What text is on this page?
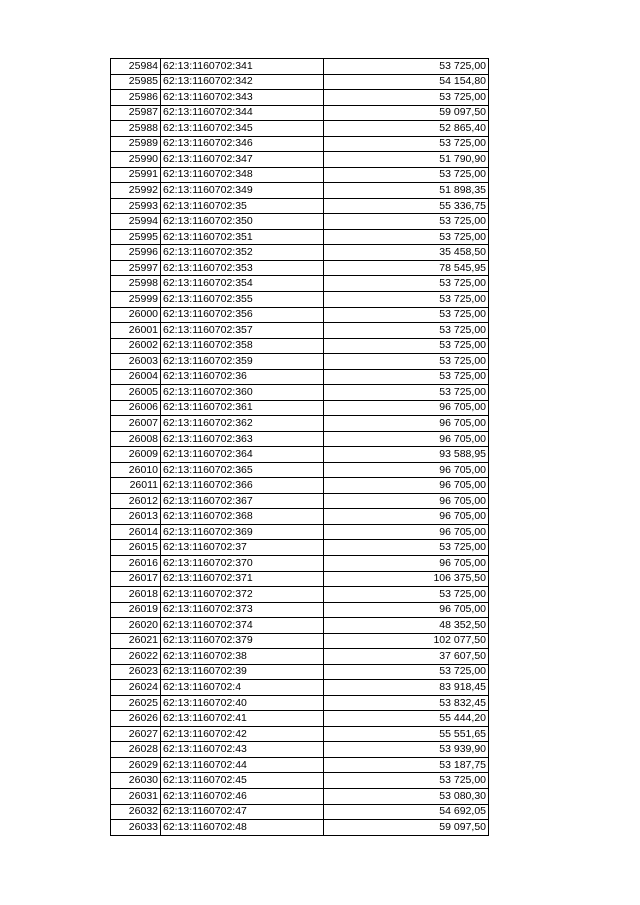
25984	62:13:1160702:341	53 725,00
25985	62:13:1160702:342	54 154,80
25986	62:13:1160702:343	53 725,00
25987	62:13:1160702:344	59 097,50
25988	62:13:1160702:345	52 865,40
25989	62:13:1160702:346	53 725,00
25990	62:13:1160702:347	51 790,90
25991	62:13:1160702:348	53 725,00
25992	62:13:1160702:349	51 898,35
25993	62:13:1160702:35	55 336,75
25994	62:13:1160702:350	53 725,00
25995	62:13:1160702:351	53 725,00
25996	62:13:1160702:352	35 458,50
25997	62:13:1160702:353	78 545,95
25998	62:13:1160702:354	53 725,00
25999	62:13:1160702:355	53 725,00
26000	62:13:1160702:356	53 725,00
26001	62:13:1160702:357	53 725,00
26002	62:13:1160702:358	53 725,00
26003	62:13:1160702:359	53 725,00
26004	62:13:1160702:36	53 725,00
26005	62:13:1160702:360	53 725,00
26006	62:13:1160702:361	96 705,00
26007	62:13:1160702:362	96 705,00
26008	62:13:1160702:363	96 705,00
26009	62:13:1160702:364	93 588,95
26010	62:13:1160702:365	96 705,00
26011	62:13:1160702:366	96 705,00
26012	62:13:1160702:367	96 705,00
26013	62:13:1160702:368	96 705,00
26014	62:13:1160702:369	96 705,00
26015	62:13:1160702:37	53 725,00
26016	62:13:1160702:370	96 705,00
26017	62:13:1160702:371	106 375,50
26018	62:13:1160702:372	53 725,00
26019	62:13:1160702:373	96 705,00
26020	62:13:1160702:374	48 352,50
26021	62:13:1160702:379	102 077,50
26022	62:13:1160702:38	37 607,50
26023	62:13:1160702:39	53 725,00
26024	62:13:1160702:4	83 918,45
26025	62:13:1160702:40	53 832,45
26026	62:13:1160702:41	55 444,20
26027	62:13:1160702:42	55 551,65
26028	62:13:1160702:43	53 939,90
26029	62:13:1160702:44	53 187,75
26030	62:13:1160702:45	53 725,00
26031	62:13:1160702:46	53 080,30
26032	62:13:1160702:47	54 692,05
26033	62:13:1160702:48	59 097,50
